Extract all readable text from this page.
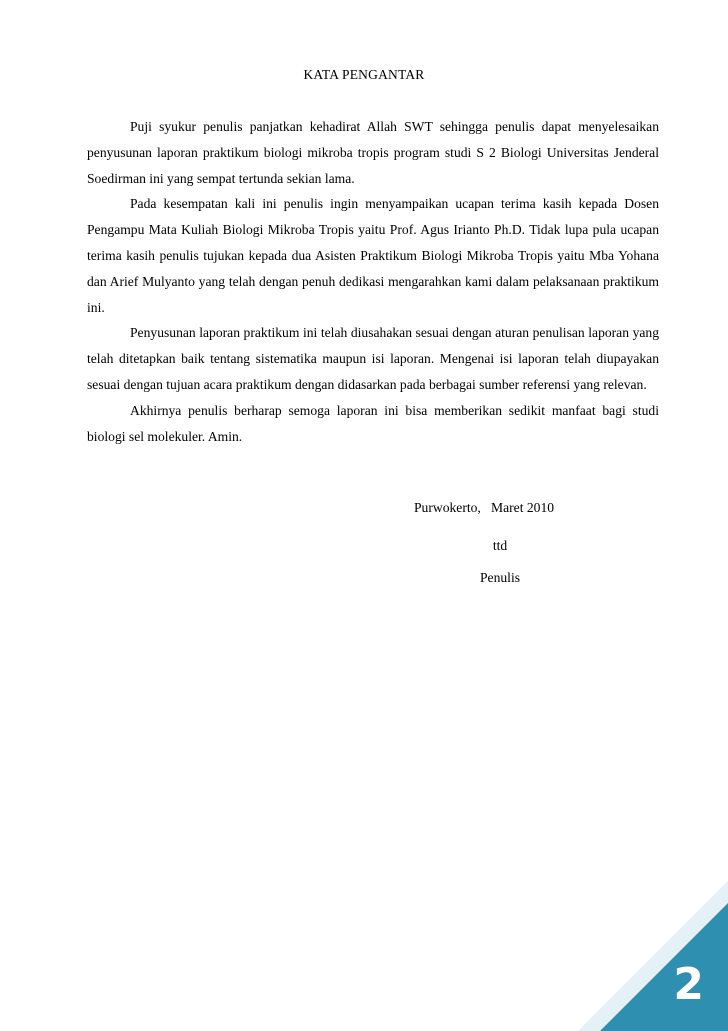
KATA PENGANTAR

Puji syukur penulis panjatkan kehadirat Allah SWT sehingga penulis dapat menyelesaikan penyusunan laporan praktikum biologi mikroba tropis program studi S 2 Biologi Universitas Jenderal Soedirman ini yang sempat tertunda sekian lama.

Pada kesempatan kali ini penulis ingin menyampaikan ucapan terima kasih kepada Dosen Pengampu Mata Kuliah Biologi Mikroba Tropis yaitu Prof. Agus Irianto Ph.D. Tidak lupa pula ucapan terima kasih penulis tujukan kepada dua Asisten Praktikum Biologi Mikroba Tropis yaitu Mba Yohana dan Arief Mulyanto yang telah dengan penuh dedikasi mengarahkan kami dalam pelaksanaan praktikum ini.

Penyusunan laporan praktikum ini telah diusahakan sesuai dengan aturan penulisan laporan yang telah ditetapkan baik tentang sistematika maupun isi laporan. Mengenai isi laporan telah diupayakan sesuai dengan tujuan acara praktikum dengan didasarkan pada berbagai sumber referensi yang relevan.

Akhirnya penulis berharap semoga laporan ini bisa memberikan sedikit manfaat bagi studi biologi sel molekuler. Amin.

Purwokerto,   Maret 2010

ttd

Penulis

2
